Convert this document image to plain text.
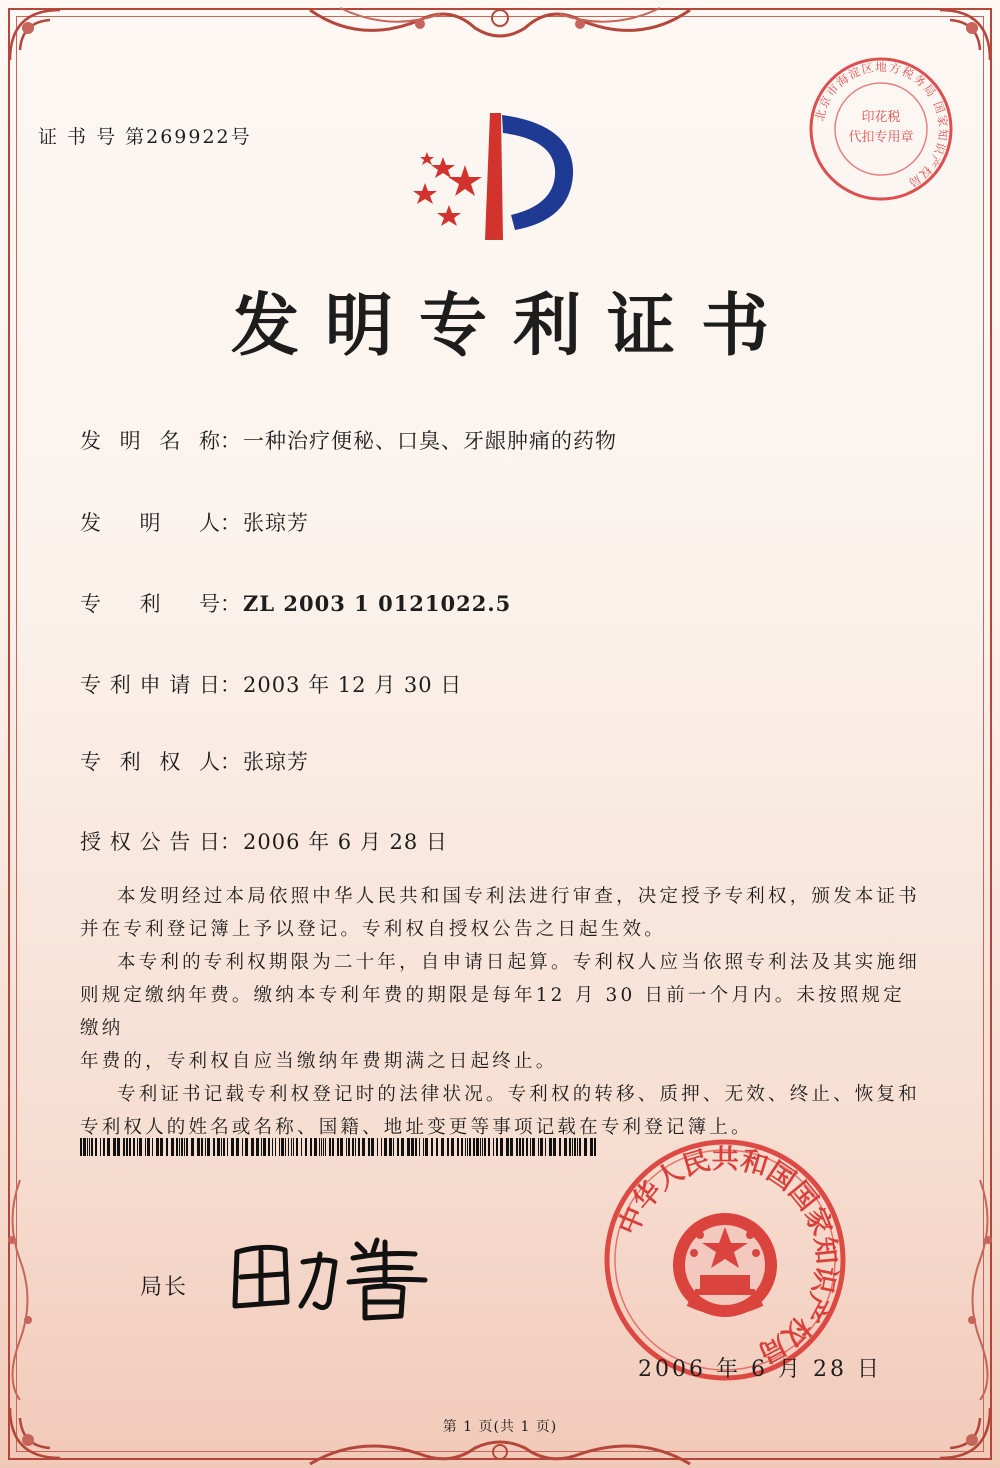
证 书 号 第269922号
北京市海淀区地方税务局 国家知识产权局
印花税
代扣专用章
发明专利证书
发明名称 ： 一种治疗便秘、口臭、牙龈肿痛的药物
发明人 ： 张琼芳
专利号 ： ZL 2003 1 0121022.5
专利申请日 ： 2003 年 12 月 30 日
专利权人 ： 张琼芳
授权公告日 ： 2006 年 6 月 28 日

本发明经过本局依照中华人民共和国专利法进行审查，决定授予专利权，颁发本证书

并在专利登记簿上予以登记。专利权自授权公告之日起生效。

本专利的专利权期限为二十年，自申请日起算。专利权人应当依照专利法及其实施细

则规定缴纳年费。缴纳本专利年费的期限是每年12 月 30 日前一个月内。未按照规定缴纳

年费的，专利权自应当缴纳年费期满之日起终止。

专利证书记载专利权登记时的法律状况。专利权的转移、质押、无效、终止、恢复和

专利权人的姓名或名称、国籍、地址变更等事项记载在专利登记簿上。

中华人民共和国国家知识产权局
局长
2006 年 6 月 28 日
第 1 页(共 1 页)
